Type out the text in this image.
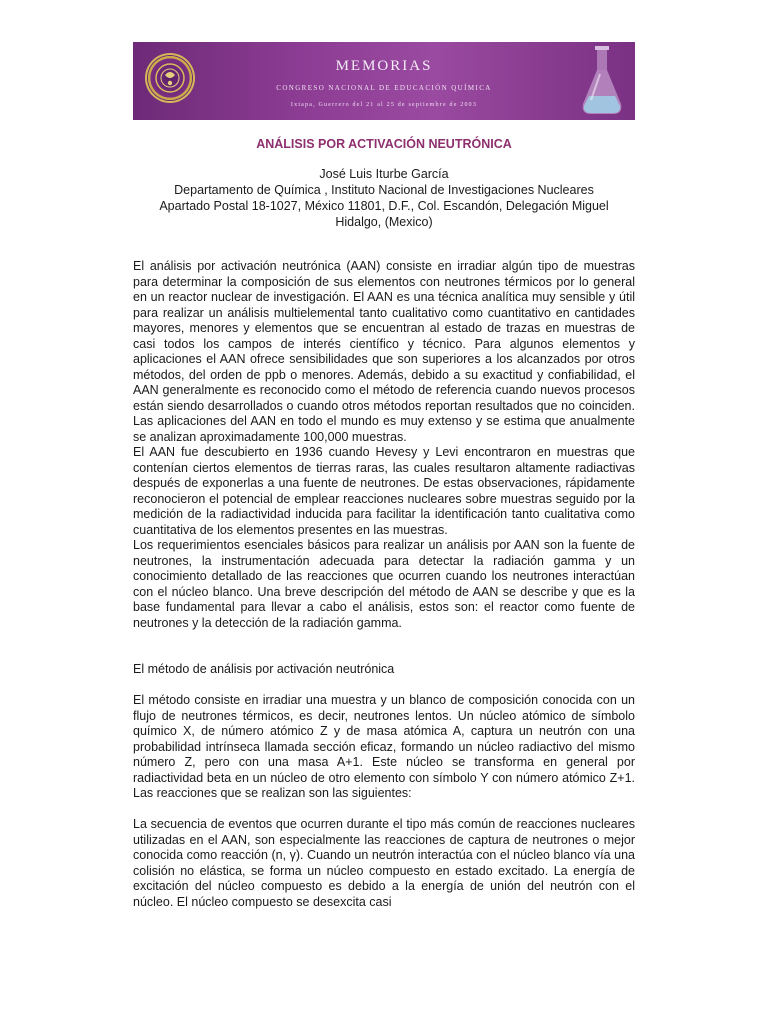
MEMORIAS
CONGRESO NACIONAL DE EDUCACIÓN QUÍMICA
Ixtapa, Guerrero del 21 al 25 de septiembre de 2003
ANÁLISIS POR ACTIVACIÓN NEUTRÓNICA
José Luis Iturbe García
Departamento de Química , Instituto Nacional de Investigaciones Nucleares
Apartado Postal 18-1027, México 11801, D.F., Col. Escandón, Delegación Miguel
Hidalgo, (Mexico)

El análisis por activación neutrónica (AAN) consiste en irradiar algún tipo de muestras para determinar la composición de sus elementos con neutrones térmicos por lo general en un reactor nuclear de investigación. El AAN es una técnica analítica muy sensible y útil para realizar un análisis multielemental tanto cualitativo como cuantitativo en cantidades mayores, menores y elementos que se encuentran al estado de trazas en muestras de casi todos los campos de interés científico y técnico. Para algunos elementos y aplicaciones el AAN ofrece sensibilidades que son superiores a los alcanzados por otros métodos, del orden de ppb o menores. Además, debido a su exactitud y confiabilidad, el AAN generalmente es reconocido como el método de referencia cuando nuevos procesos están siendo desarrollados o cuando otros métodos reportan resultados que no coinciden. Las aplicaciones del AAN en todo el mundo es muy extenso y se estima que anualmente se analizan aproximadamente 100,000 muestras.

El AAN fue descubierto en 1936 cuando Hevesy y Levi encontraron en muestras que contenían ciertos elementos de tierras raras, las cuales resultaron altamente radiactivas después de exponerlas a una fuente de neutrones. De estas observaciones, rápidamente reconocieron el potencial de emplear reacciones nucleares sobre muestras seguido por la medición de la radiactividad inducida para facilitar la identificación tanto cualitativa como cuantitativa de los elementos presentes en las muestras.

Los requerimientos esenciales básicos para realizar un análisis por AAN son la fuente de neutrones, la instrumentación adecuada para detectar la radiación gamma y un conocimiento detallado de las reacciones que ocurren cuando los neutrones interactúan con el núcleo blanco. Una breve descripción del método de AAN se describe y que es la base fundamental para llevar a cabo el análisis, estos son: el reactor como fuente de neutrones y la detección de la radiación gamma.

El método de análisis por activación neutrónica

El método consiste en irradiar una muestra y un blanco de composición conocida con un flujo de neutrones térmicos, es decir, neutrones lentos. Un núcleo atómico de símbolo químico X, de número atómico Z y de masa atómica A, captura un neutrón con una probabilidad intrínseca llamada sección eficaz, formando un núcleo radiactivo del mismo número Z, pero con una masa A+1. Este núcleo se transforma en general por radiactividad beta en un núcleo de otro elemento con símbolo Y con número atómico Z+1. Las reacciones que se realizan son las siguientes:

La secuencia de eventos que ocurren durante el tipo más común de reacciones nucleares utilizadas en el AAN, son especialmente las reacciones de captura de neutrones o mejor conocida como reacción (n, γ). Cuando un neutrón interactúa con el núcleo blanco vía una colisión no elástica, se forma un núcleo compuesto en estado excitado. La energía de excitación del núcleo compuesto es debido a la energía de unión del neutrón con el núcleo. El núcleo compuesto se desexcita casi
